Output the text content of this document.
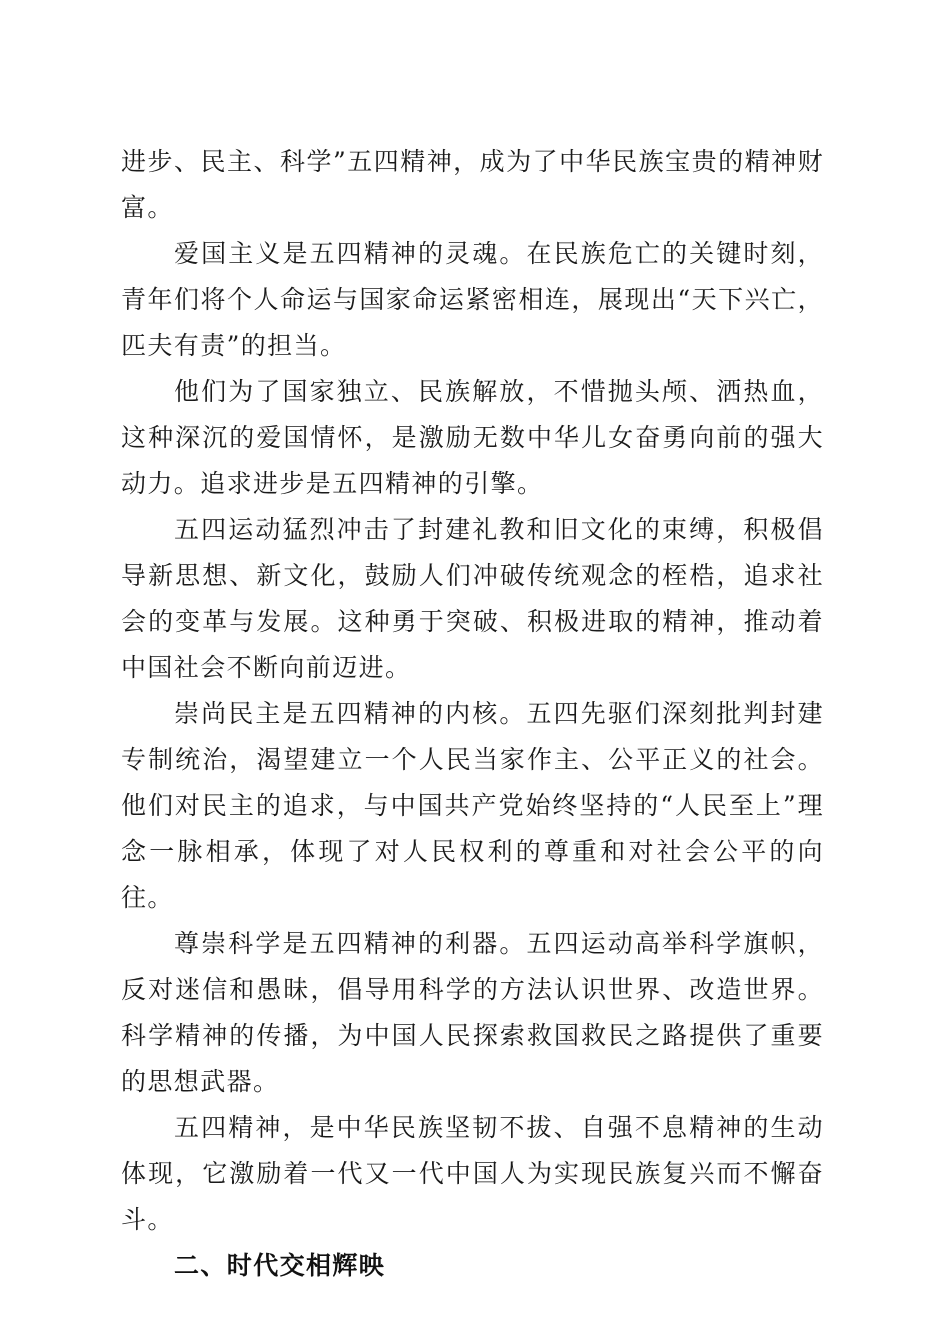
进步、民主、科学”五四精神，成为了中华民族宝贵的精神财富。

爱国主义是五四精神的灵魂。在民族危亡的关键时刻，青年们将个人命运与国家命运紧密相连，展现出“天下兴亡，匹夫有责”的担当。

他们为了国家独立、民族解放，不惜抛头颅、洒热血，这种深沉的爱国情怀，是激励无数中华儿女奋勇向前的强大动力。追求进步是五四精神的引擎。

五四运动猛烈冲击了封建礼教和旧文化的束缚，积极倡导新思想、新文化，鼓励人们冲破传统观念的桎梏，追求社会的变革与发展。这种勇于突破、积极进取的精神，推动着中国社会不断向前迈进。

崇尚民主是五四精神的内核。五四先驱们深刻批判封建专制统治，渴望建立一个人民当家作主、公平正义的社会。他们对民主的追求，与中国共产党始终坚持的“人民至上”理念一脉相承，体现了对人民权利的尊重和对社会公平的向往。

尊崇科学是五四精神的利器。五四运动高举科学旗帜，反对迷信和愚昧，倡导用科学的方法认识世界、改造世界。科学精神的传播，为中国人民探索救国救民之路提供了重要的思想武器。

五四精神，是中华民族坚韧不拔、自强不息精神的生动体现，它激励着一代又一代中国人为实现民族复兴而不懈奋斗。

二、时代交相辉映
